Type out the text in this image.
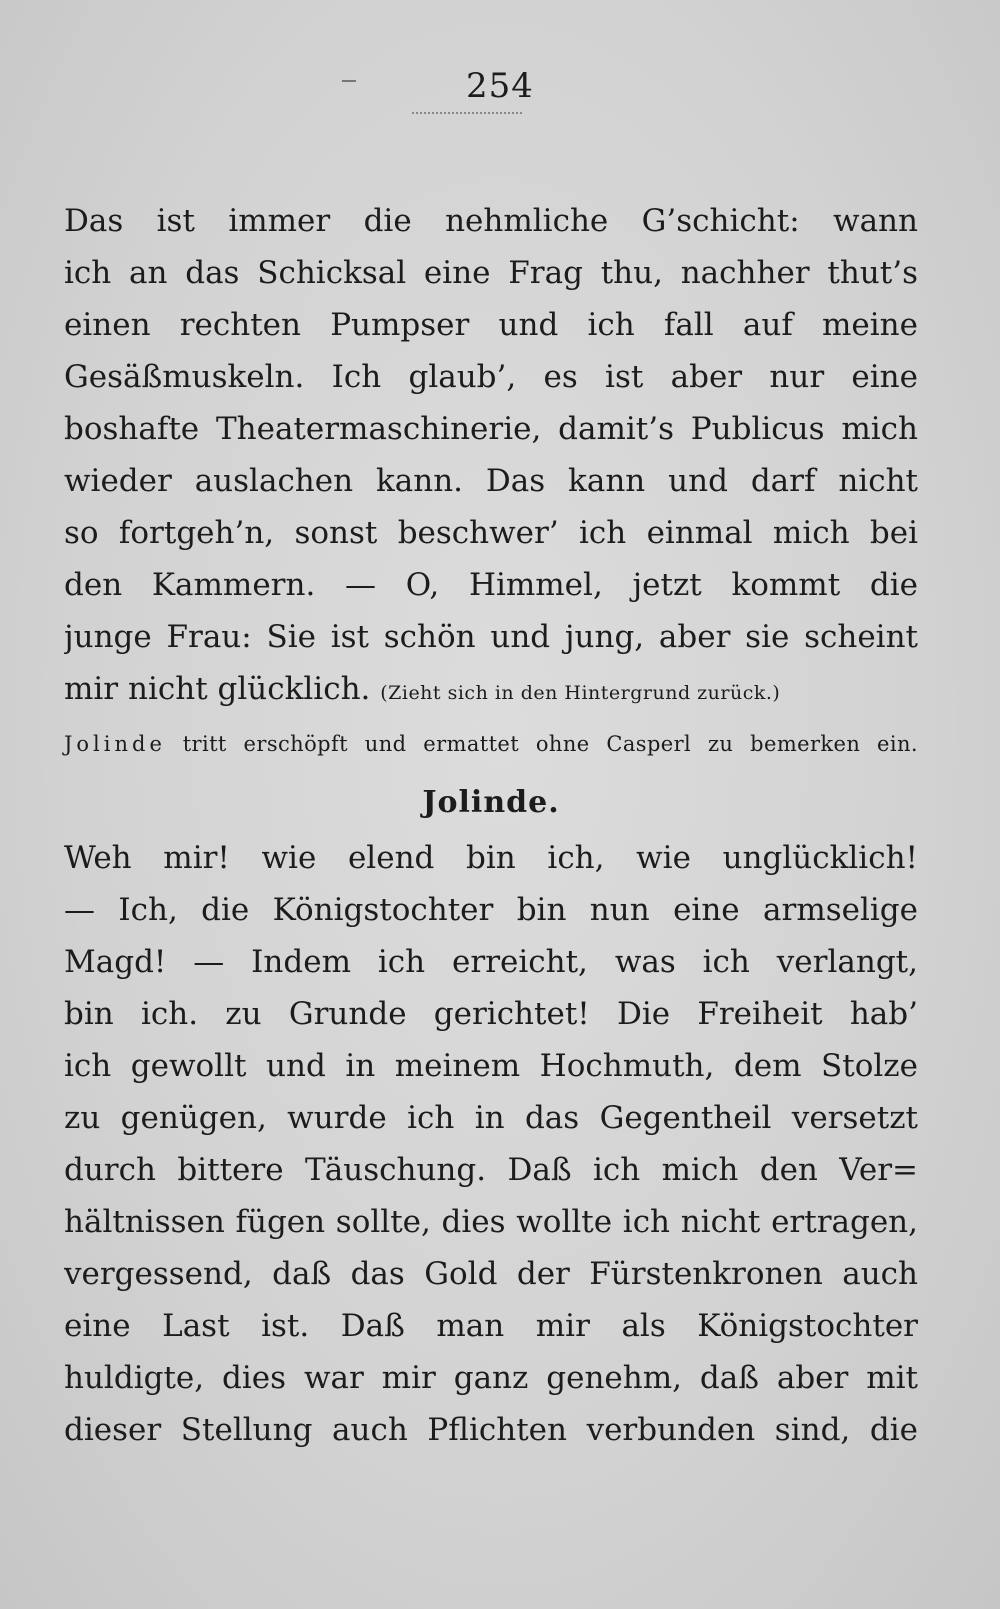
254
Das ist immer die nehmliche G’schicht: wann
ich an das Schicksal eine Frag thu, nachher thut’s
einen rechten Pumpser und ich fall auf meine
Gesäßmuskeln. Ich glaub’, es ist aber nur eine
boshafte Theatermaschinerie, damit’s Publicus mich
wieder auslachen kann. Das kann und darf nicht
so fortgeh’n, sonst beschwer’ ich einmal mich bei
den Kammern. — O, Himmel, jetzt kommt die
junge Frau: Sie ist schön und jung, aber sie scheint
mir nicht glücklich. (Zieht sich in den Hintergrund zurück.)
Jolinde tritt erschöpft und ermattet ohne Casperl zu bemerken ein.
Jolinde.
Weh mir! wie elend bin ich, wie unglücklich!
— Ich, die Königstochter bin nun eine armselige
Magd! — Indem ich erreicht, was ich verlangt,
bin ich. zu Grunde gerichtet! Die Freiheit hab’
ich gewollt und in meinem Hochmuth, dem Stolze
zu genügen, wurde ich in das Gegentheil versetzt
durch bittere Täuschung. Daß ich mich den Ver=
hältnissen fügen sollte, dies wollte ich nicht ertragen,
vergessend, daß das Gold der Fürstenkronen auch
eine Last ist. Daß man mir als Königstochter
huldigte, dies war mir ganz genehm, daß aber mit
dieser Stellung auch Pflichten verbunden sind, die
